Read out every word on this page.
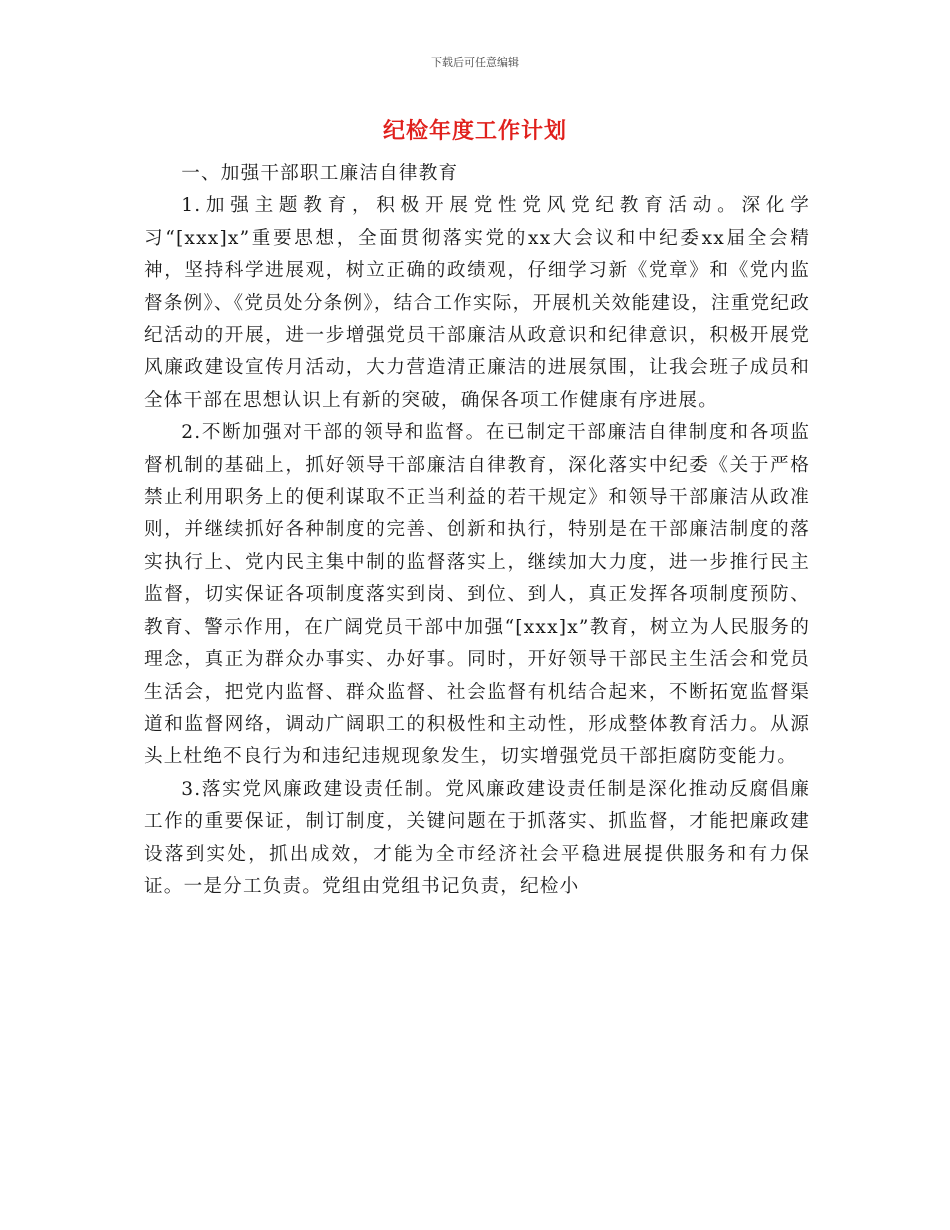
下载后可任意编辑
纪检年度工作计划

一、加强干部职工廉洁自律教育

1.加强主题教育，积极开展党性党风党纪教育活动。深化学习“[xxx]x”重要思想，全面贯彻落实党的xx大会议和中纪委xx届全会精神，坚持科学进展观，树立正确的政绩观，仔细学习新《党章》和《党内监督条例》、《党员处分条例》，结合工作实际，开展机关效能建设，注重党纪政纪活动的开展，进一步增强党员干部廉洁从政意识和纪律意识，积极开展党风廉政建设宣传月活动，大力营造清正廉洁的进展氛围，让我会班子成员和全体干部在思想认识上有新的突破，确保各项工作健康有序进展。

2.不断加强对干部的领导和监督。在已制定干部廉洁自律制度和各项监督机制的基础上，抓好领导干部廉洁自律教育，深化落实中纪委《关于严格禁止利用职务上的便利谋取不正当利益的若干规定》和领导干部廉洁从政准则，并继续抓好各种制度的完善、创新和执行，特别是在干部廉洁制度的落实执行上、党内民主集中制的监督落实上，继续加大力度，进一步推行民主监督，切实保证各项制度落实到岗、到位、到人，真正发挥各项制度预防、教育、警示作用，在广阔党员干部中加强“[xxx]x”教育，树立为人民服务的理念，真正为群众办事实、办好事。同时，开好领导干部民主生活会和党员生活会，把党内监督、群众监督、社会监督有机结合起来，不断拓宽监督渠道和监督网络，调动广阔职工的积极性和主动性，形成整体教育活力。从源头上杜绝不良行为和违纪违规现象发生，切实增强党员干部拒腐防变能力。

3.落实党风廉政建设责任制。党风廉政建设责任制是深化推动反腐倡廉工作的重要保证，制订制度，关键问题在于抓落实、抓监督，才能把廉政建设落到实处，抓出成效，才能为全市经济社会平稳进展提供服务和有力保证。一是分工负责。党组由党组书记负责，纪检小
